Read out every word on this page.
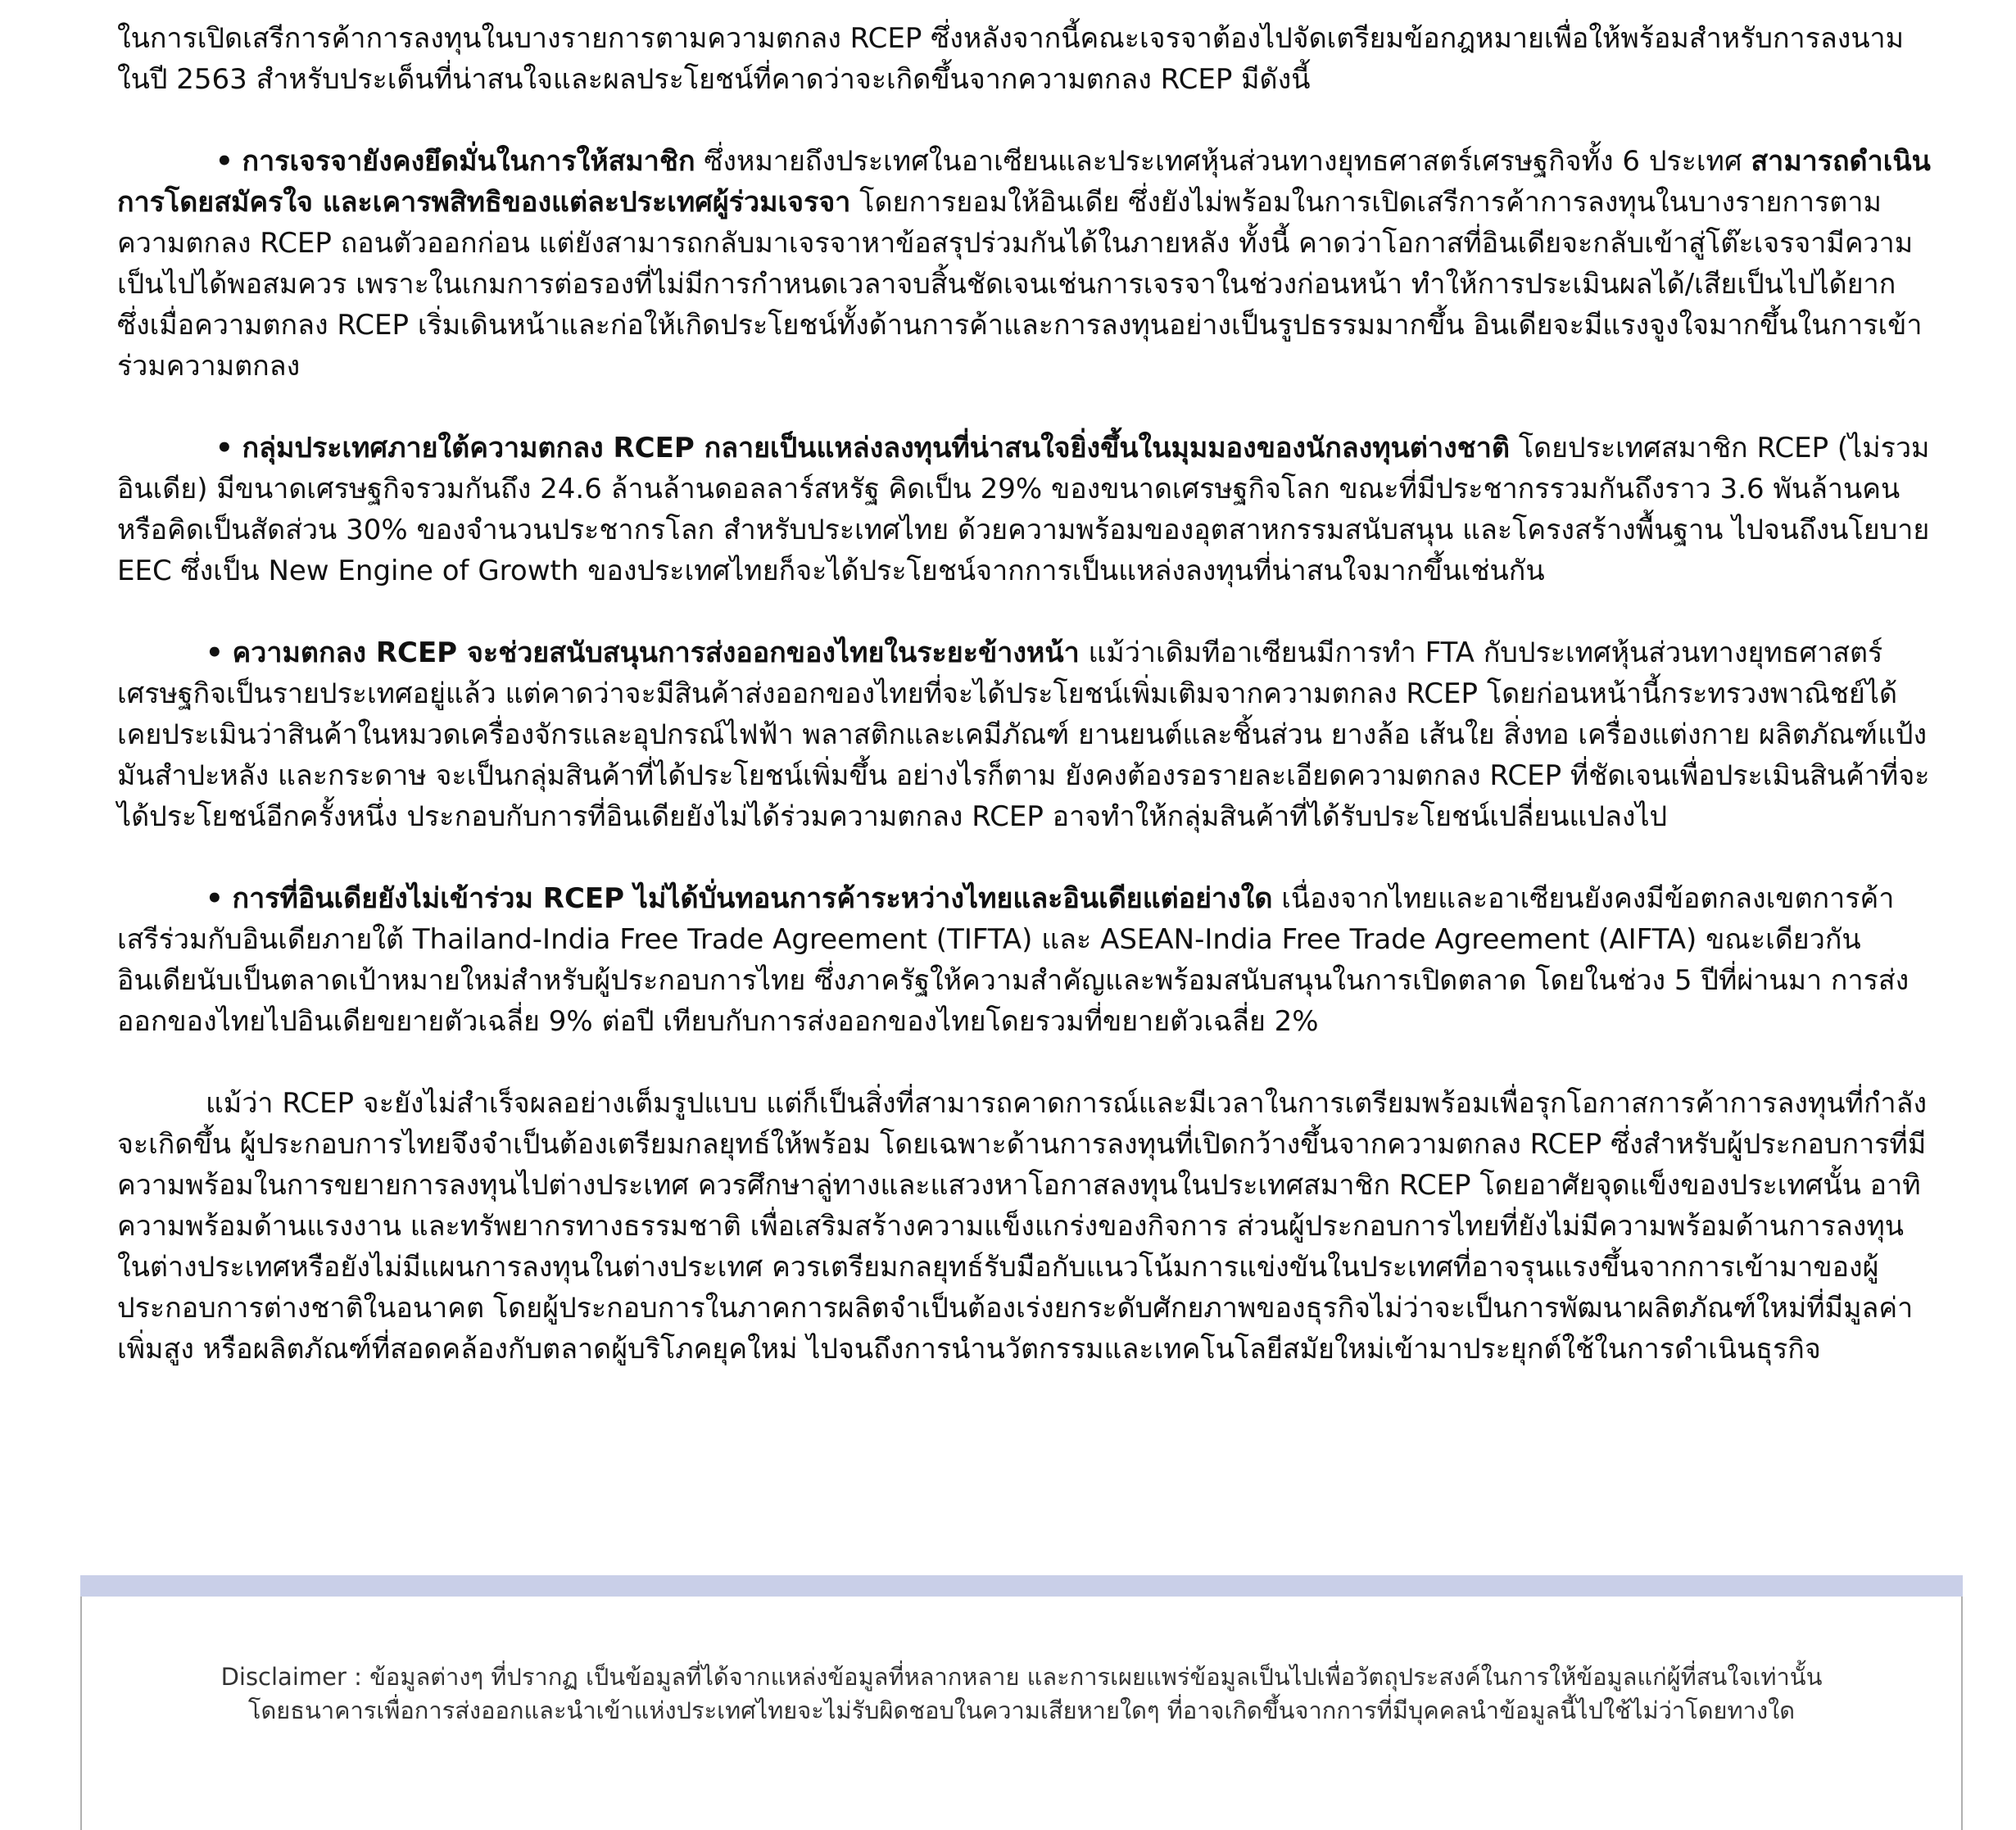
ในการเปิดเสรีการค้าการลงทุนในบางรายการตามความตกลง RCEP ซึ่งหลังจากนี้คณะเจรจาต้องไปจัดเตรียมข้อกฎหมายเพื่อให้พร้อมสำหรับการลงนามในปี 2563 สำหรับประเด็นที่น่าสนใจและผลประโยชน์ที่คาดว่าจะเกิดขึ้นจากความตกลง RCEP มีดังนี้

• การเจรจายังคงยึดมั่นในการให้สมาชิก ซึ่งหมายถึงประเทศในอาเซียนและประเทศหุ้นส่วนทางยุทธศาสตร์เศรษฐกิจทั้ง 6 ประเทศ สามารถดำเนินการโดยสมัครใจ และเคารพสิทธิของแต่ละประเทศผู้ร่วมเจรจา โดยการยอมให้อินเดีย ซึ่งยังไม่พร้อมในการเปิดเสรีการค้าการลงทุนในบางรายการตามความตกลง RCEP ถอนตัวออกก่อน แต่ยังสามารถกลับมาเจรจาหาข้อสรุปร่วมกันได้ในภายหลัง ทั้งนี้ คาดว่าโอกาสที่อินเดียจะกลับเข้าสู่โต๊ะเจรจามีความเป็นไปได้พอสมควร เพราะในเกมการต่อรองที่ไม่มีการกำหนดเวลาจบสิ้นชัดเจนเช่นการเจรจาในช่วงก่อนหน้า ทำให้การประเมินผลได้/เสียเป็นไปได้ยาก ซึ่งเมื่อความตกลง RCEP เริ่มเดินหน้าและก่อให้เกิดประโยชน์ทั้งด้านการค้าและการลงทุนอย่างเป็นรูปธรรมมากขึ้น อินเดียจะมีแรงจูงใจมากขึ้นในการเข้าร่วมความตกลง

• กลุ่มประเทศภายใต้ความตกลง RCEP กลายเป็นแหล่งลงทุนที่น่าสนใจยิ่งขึ้นในมุมมองของนักลงทุนต่างชาติ โดยประเทศสมาชิก RCEP (ไม่รวมอินเดีย) มีขนาดเศรษฐกิจรวมกันถึง 24.6 ล้านล้านดอลลาร์สหรัฐ คิดเป็น 29% ของขนาดเศรษฐกิจโลก ขณะที่มีประชากรรวมกันถึงราว 3.6 พันล้านคน หรือคิดเป็นสัดส่วน 30% ของจำนวนประชากรโลก สำหรับประเทศไทย ด้วยความพร้อมของอุตสาหกรรมสนับสนุน และโครงสร้างพื้นฐาน ไปจนถึงนโยบาย EEC ซึ่งเป็น New Engine of Growth ของประเทศไทยก็จะได้ประโยชน์จากการเป็นแหล่งลงทุนที่น่าสนใจมากขึ้นเช่นกัน

• ความตกลง RCEP จะช่วยสนับสนุนการส่งออกของไทยในระยะข้างหน้า แม้ว่าเดิมทีอาเซียนมีการทำ FTA กับประเทศหุ้นส่วนทางยุทธศาสตร์เศรษฐกิจเป็นรายประเทศอยู่แล้ว แต่คาดว่าจะมีสินค้าส่งออกของไทยที่จะได้ประโยชน์เพิ่มเติมจากความตกลง RCEP โดยก่อนหน้านี้กระทรวงพาณิชย์ได้เคยประเมินว่าสินค้าในหมวดเครื่องจักรและอุปกรณ์ไฟฟ้า พลาสติกและเคมีภัณฑ์ ยานยนต์และชิ้นส่วน ยางล้อ เส้นใย สิ่งทอ เครื่องแต่งกาย ผลิตภัณฑ์แป้งมันสำปะหลัง และกระดาษ จะเป็นกลุ่มสินค้าที่ได้ประโยชน์เพิ่มขึ้น อย่างไรก็ตาม ยังคงต้องรอรายละเอียดความตกลง RCEP ที่ชัดเจนเพื่อประเมินสินค้าที่จะได้ประโยชน์อีกครั้งหนึ่ง ประกอบกับการที่อินเดียยังไม่ได้ร่วมความตกลง RCEP อาจทำให้กลุ่มสินค้าที่ได้รับประโยชน์เปลี่ยนแปลงไป

• การที่อินเดียยังไม่เข้าร่วม RCEP ไม่ได้บั่นทอนการค้าระหว่างไทยและอินเดียแต่อย่างใด เนื่องจากไทยและอาเซียนยังคงมีข้อตกลงเขตการค้าเสรีร่วมกับอินเดียภายใต้ Thailand-India Free Trade Agreement (TIFTA) และ ASEAN-India Free Trade Agreement (AIFTA) ขณะเดียวกันอินเดียนับเป็นตลาดเป้าหมายใหม่สำหรับผู้ประกอบการไทย ซึ่งภาครัฐให้ความสำคัญและพร้อมสนับสนุนในการเปิดตลาด โดยในช่วง 5 ปีที่ผ่านมา การส่งออกของไทยไปอินเดียขยายตัวเฉลี่ย 9% ต่อปี เทียบกับการส่งออกของไทยโดยรวมที่ขยายตัวเฉลี่ย 2%

แม้ว่า RCEP จะยังไม่สำเร็จผลอย่างเต็มรูปแบบ แต่ก็เป็นสิ่งที่สามารถคาดการณ์และมีเวลาในการเตรียมพร้อมเพื่อรุกโอกาสการค้าการลงทุนที่กำลังจะเกิดขึ้น ผู้ประกอบการไทยจึงจำเป็นต้องเตรียมกลยุทธ์ให้พร้อม โดยเฉพาะด้านการลงทุนที่เปิดกว้างขึ้นจากความตกลง RCEP ซึ่งสำหรับผู้ประกอบการที่มีความพร้อมในการขยายการลงทุนไปต่างประเทศ ควรศึกษาลู่ทางและแสวงหาโอกาสลงทุนในประเทศสมาชิก RCEP โดยอาศัยจุดแข็งของประเทศนั้น อาทิ ความพร้อมด้านแรงงาน และทรัพยากรทางธรรมชาติ เพื่อเสริมสร้างความแข็งแกร่งของกิจการ ส่วนผู้ประกอบการไทยที่ยังไม่มีความพร้อมด้านการลงทุนในต่างประเทศหรือยังไม่มีแผนการลงทุนในต่างประเทศ ควรเตรียมกลยุทธ์รับมือกับแนวโน้มการแข่งขันในประเทศที่อาจรุนแรงขึ้นจากการเข้ามาของผู้ประกอบการต่างชาติในอนาคต โดยผู้ประกอบการในภาคการผลิตจำเป็นต้องเร่งยกระดับศักยภาพของธุรกิจไม่ว่าจะเป็นการพัฒนาผลิตภัณฑ์ใหม่ที่มีมูลค่าเพิ่มสูง หรือผลิตภัณฑ์ที่สอดคล้องกับตลาดผู้บริโภคยุคใหม่ ไปจนถึงการนำนวัตกรรมและเทคโนโลยีสมัยใหม่เข้ามาประยุกต์ใช้ในการดำเนินธุรกิจ

Disclaimer : ข้อมูลต่างๆ ที่ปรากฏ เป็นข้อมูลที่ได้จากแหล่งข้อมูลที่หลากหลาย และการเผยแพร่ข้อมูลเป็นไปเพื่อวัตถุประสงค์ในการให้ข้อมูลแก่ผู้ที่สนใจเท่านั้น
โดยธนาคารเพื่อการส่งออกและนำเข้าแห่งประเทศไทยจะไม่รับผิดชอบในความเสียหายใดๆ ที่อาจเกิดขึ้นจากการที่มีบุคคลนำข้อมูลนี้ไปใช้ไม่ว่าโดยทางใด
